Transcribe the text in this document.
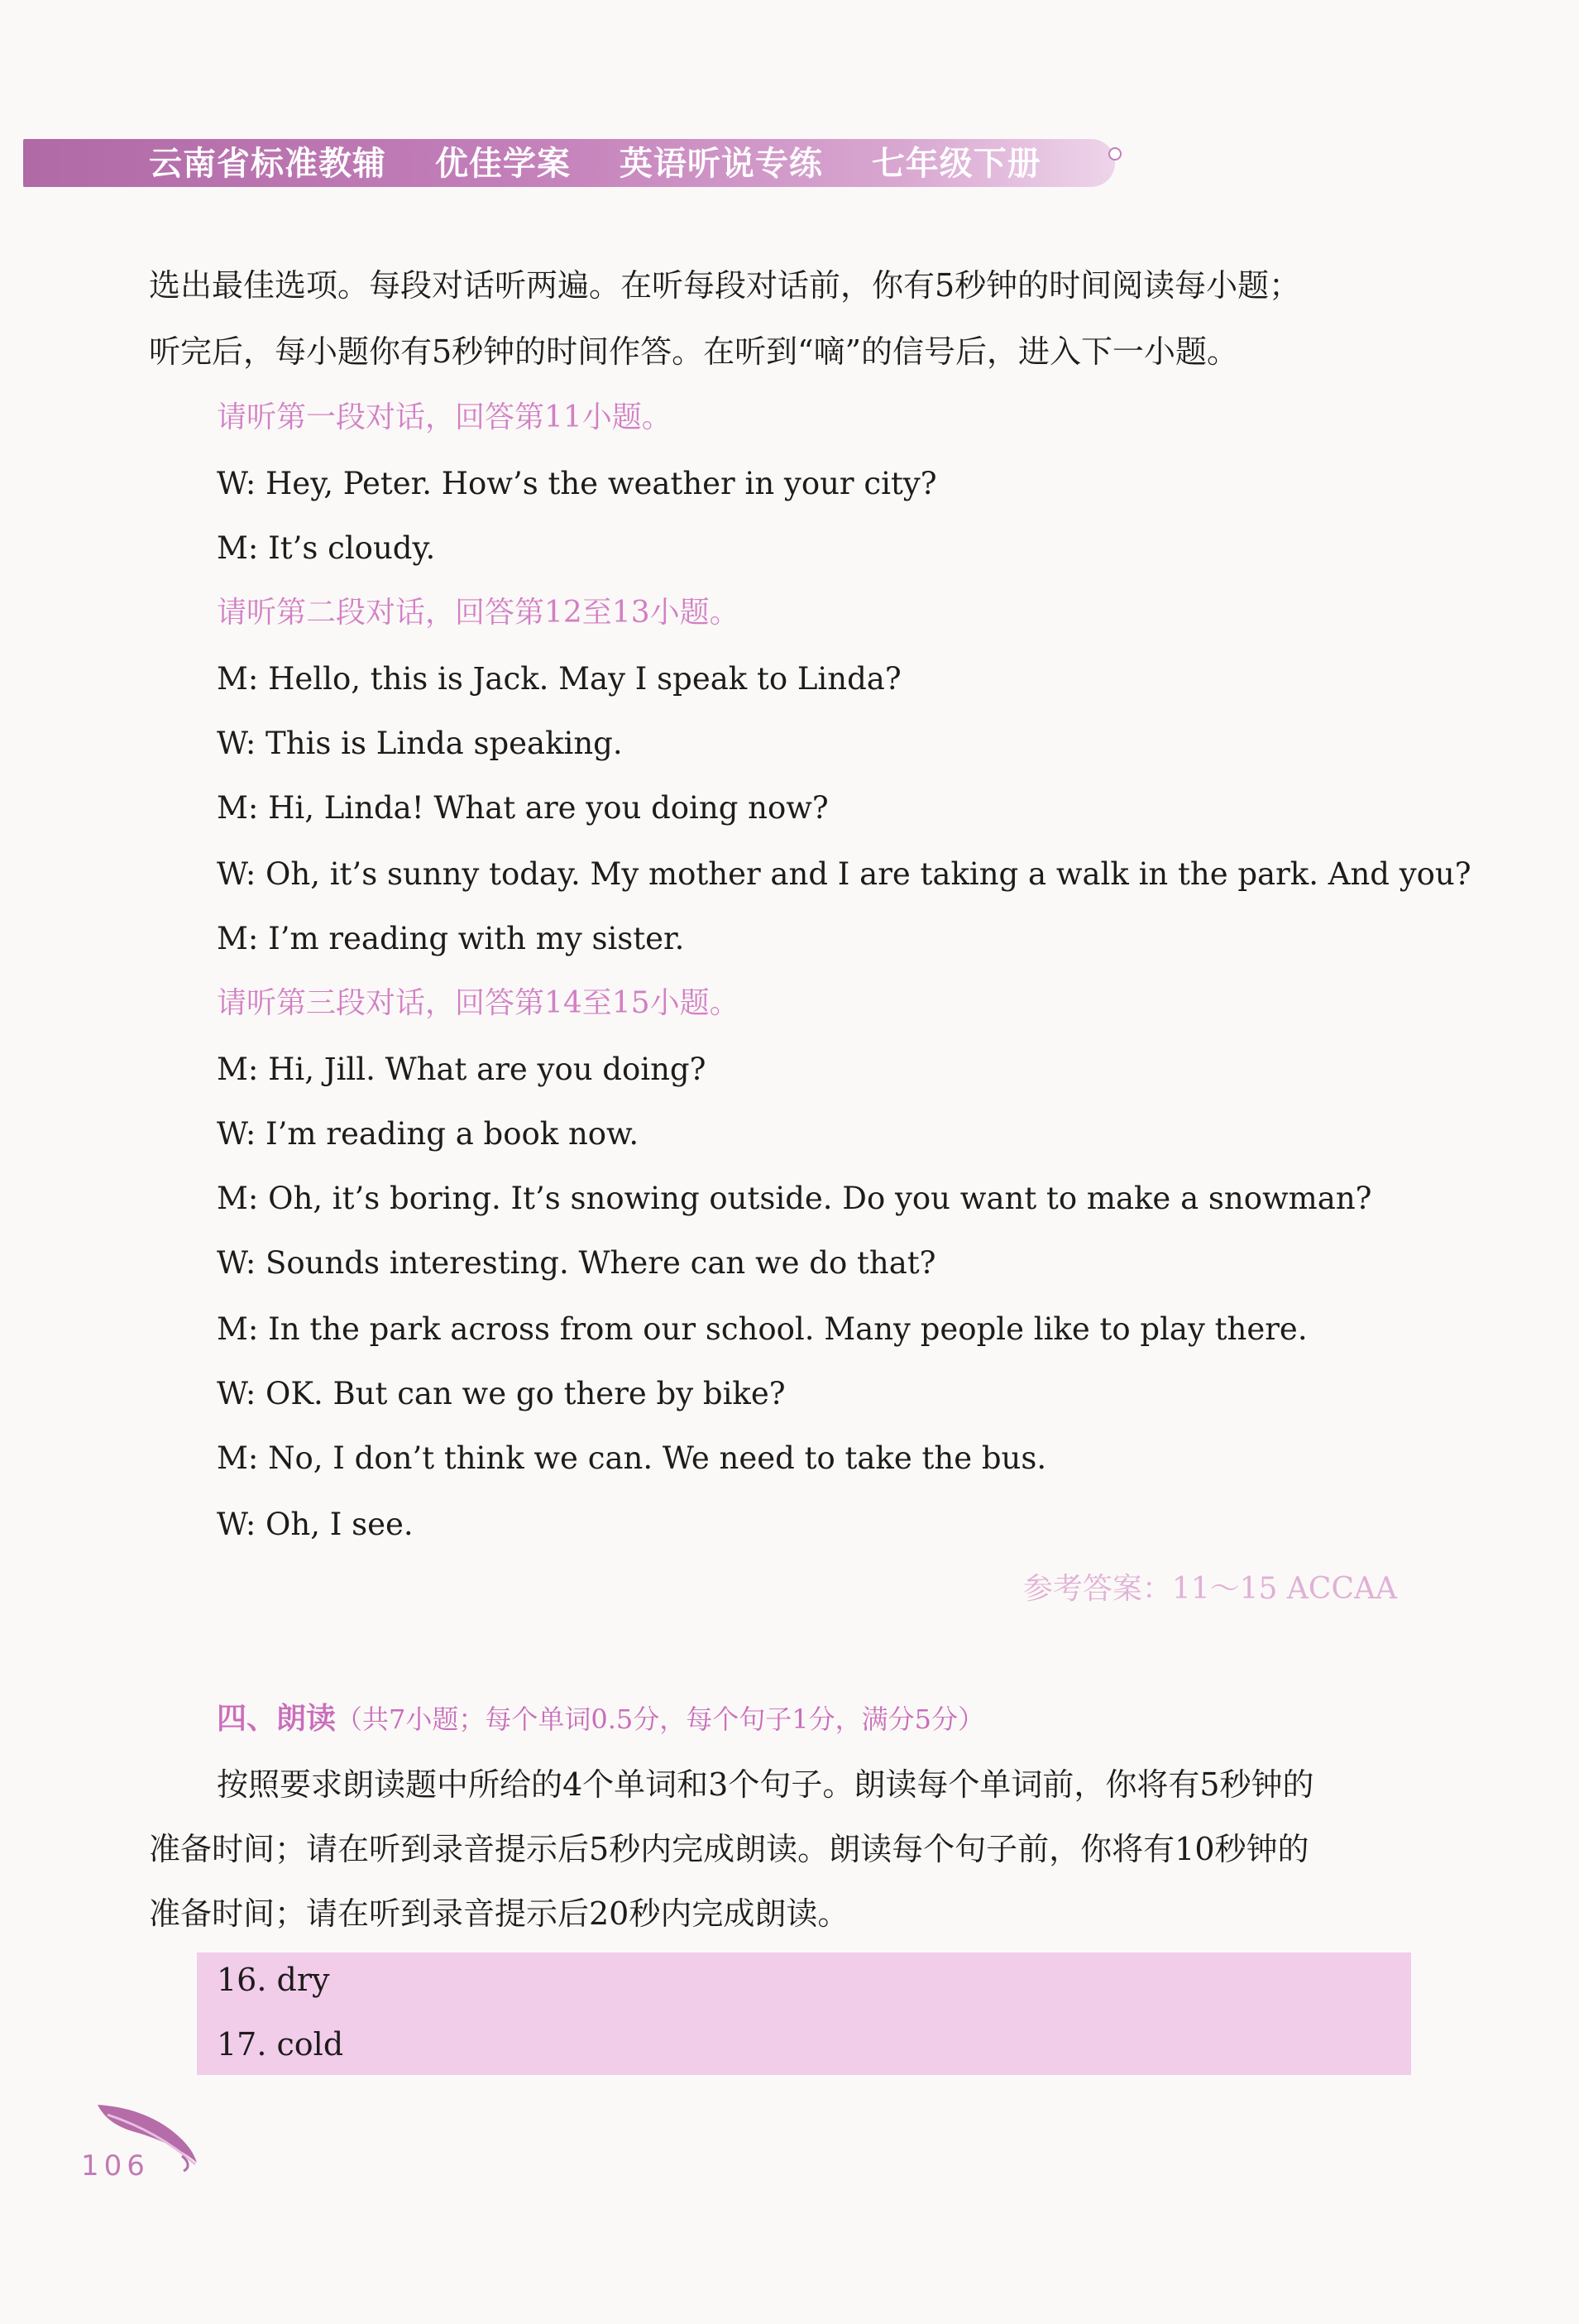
云南省标准教辅 优佳学案 英语听说专练 七年级下册
选出最佳选项。每段对话听两遍。在听每段对话前，你有5秒钟的时间阅读每小题；
听完后，每小题你有5秒钟的时间作答。在听到“嘀”的信号后，进入下一小题。
请听第一段对话，回答第11小题。
W: Hey, Peter. How’s the weather in your city?
M: It’s cloudy.
请听第二段对话，回答第12至13小题。
M: Hello, this is Jack. May I speak to Linda?
W: This is Linda speaking.
M: Hi, Linda! What are you doing now?
W: Oh, it’s sunny today. My mother and I are taking a walk in the park. And you?
M: I’m reading with my sister.
请听第三段对话，回答第14至15小题。
M: Hi, Jill. What are you doing?
W: I’m reading a book now.
M: Oh, it’s boring. It’s snowing outside. Do you want to make a snowman?
W: Sounds interesting. Where can we do that?
M: In the park across from our school. Many people like to play there.
W: OK. But can we go there by bike?
M: No, I don’t think we can. We need to take the bus.
W: Oh, I see.
参考答案：11～15 ACCAA
四、朗读（共7小题；每个单词0.5分，每个句子1分，满分5分）
按照要求朗读题中所给的4个单词和3个句子。朗读每个单词前，你将有5秒钟的
准备时间；请在听到录音提示后5秒内完成朗读。朗读每个句子前，你将有10秒钟的
准备时间；请在听到录音提示后20秒内完成朗读。
16. dry
17. cold
106
